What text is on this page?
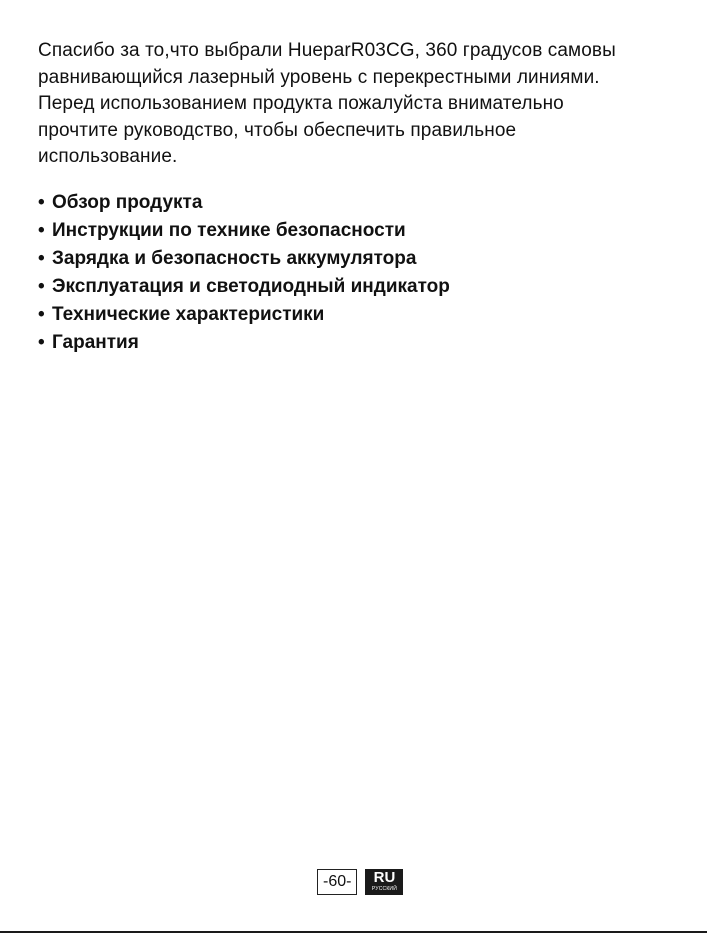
Спасибо за то,что выбрали HueparR03CG, 360 градусов самовы
равнивающийся лазерный уровень с перекрестными линиями.
Перед использованием продукта пожалуйста внимательно
прочтите руководство, чтобы обеспечить правильное
использование.
• Обзор продукта
• Инструкции по технике безопасности
• Зарядка и безопасность аккумулятора
• Эксплуатация и светодиодный индикатор
• Технические характеристики
• Гарантия
-60-	RU
РУССКИЙ
